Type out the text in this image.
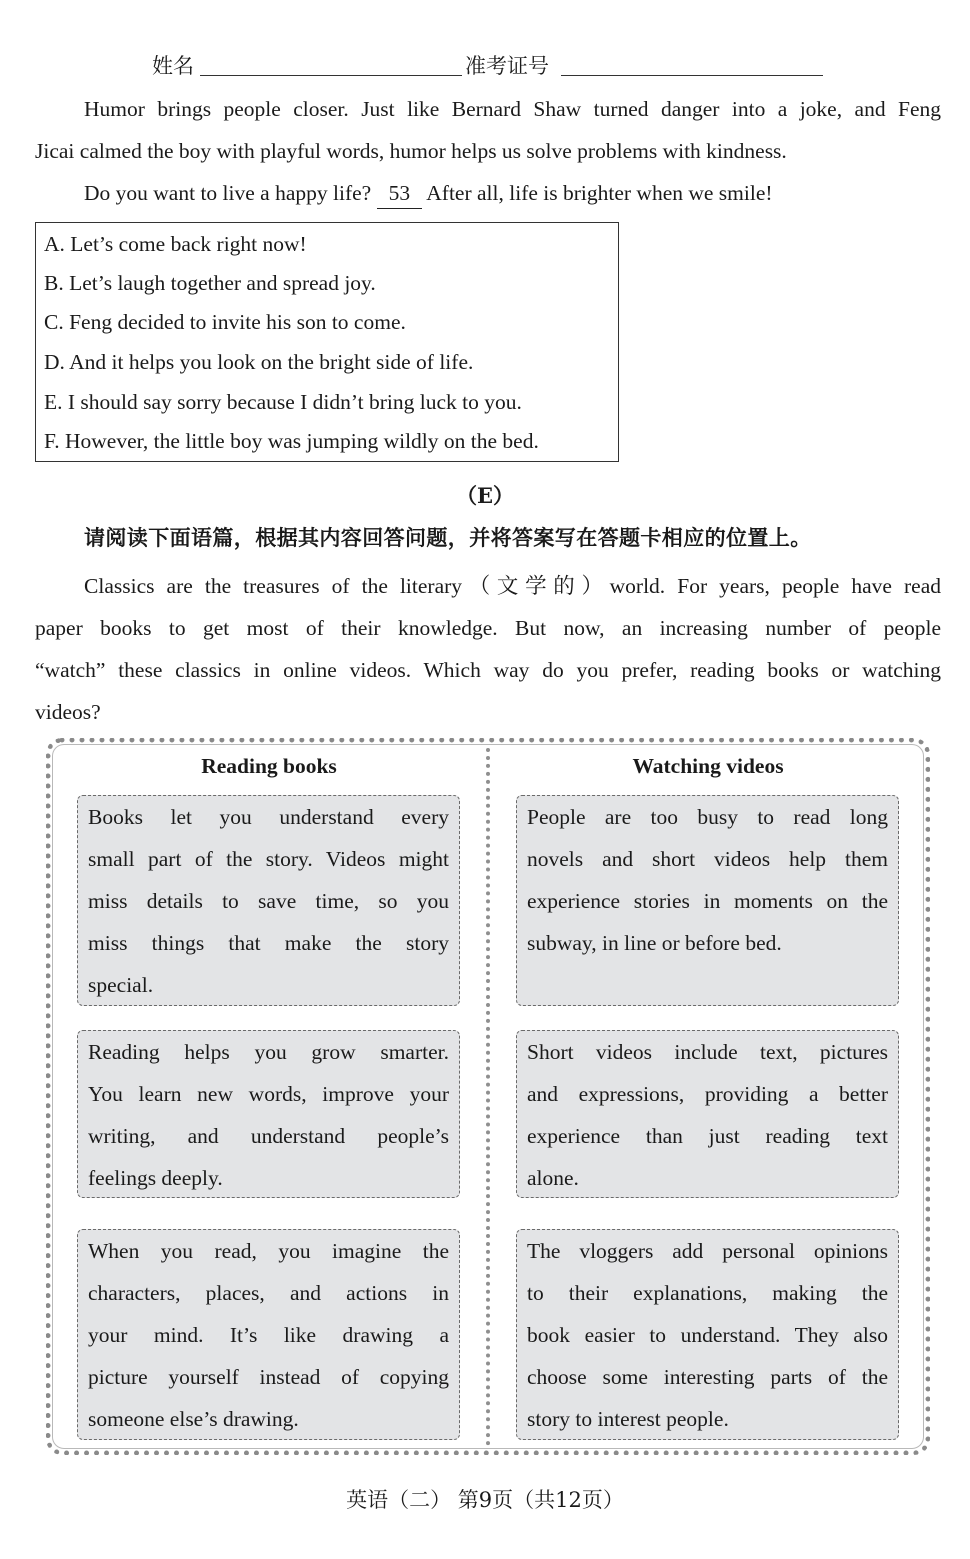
姓名	准考证号
Humor brings people closer. Just like Bernard Shaw turned danger into a joke, and Feng
Jicai calmed the boy with playful words, humor helps us solve problems with kindness.
Do you want to live a happy life? 53 After all, life is brighter when we smile!
A. Let’s come back right now!
B. Let’s laugh together and spread joy.
C. Feng decided to invite his son to come.
D. And it helps you look on the bright side of life.
E. I should say sorry because I didn’t bring luck to you.
F. However, the little boy was jumping wildly on the bed.
（E）
请阅读下面语篇，根据其内容回答问题，并将答案写在答题卡相应的位置上。
Classics are the treasures of the literary（文学的）world. For years, people have read
paper books to get most of their knowledge. But now, an increasing number of people
“watch” these classics in online videos. Which way do you prefer, reading books or watching
videos?
Reading books	Watching videos
Books let you understand every
small part of the story. Videos might
miss details to save time, so you
miss things that make the story
special.
Reading helps you grow smarter.
You learn new words, improve your
writing, and understand people’s
feelings deeply.
When you read, you imagine the
characters, places, and actions in
your mind. It’s like drawing a
picture yourself instead of copying
someone else’s drawing.
People are too busy to read long
novels and short videos help them
experience stories in moments on the
subway, in line or before bed.
Short videos include text, pictures
and expressions, providing a better
experience than just reading text
alone.
The vloggers add personal opinions
to their explanations, making the
book easier to understand. They also
choose some interesting parts of the
story to interest people.
英语（二） 第9页（共12页）
